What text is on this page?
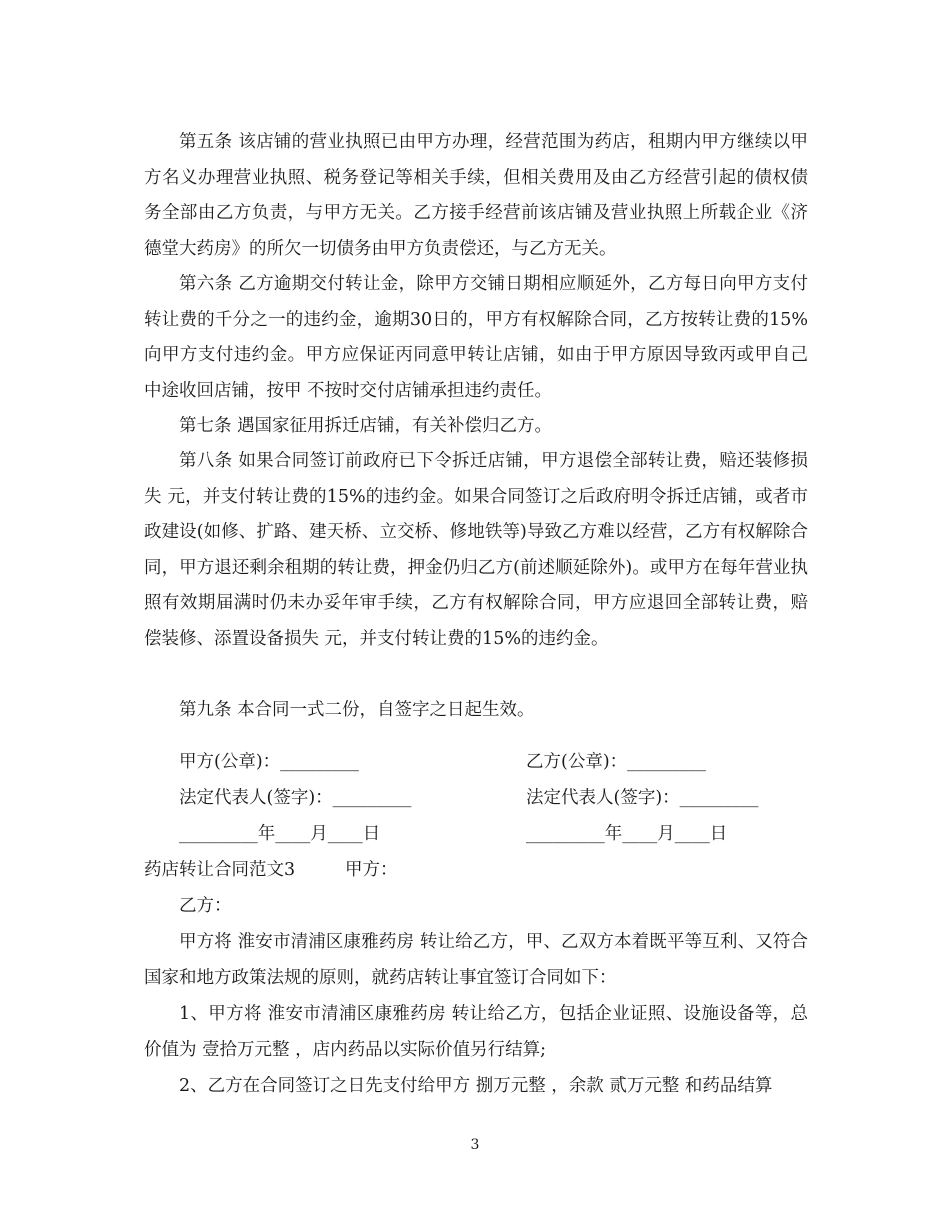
第五条 该店铺的营业执照已由甲方办理，经营范围为药店，租期内甲方继续以甲方名义办理营业执照、税务登记等相关手续，但相关费用及由乙方经营引起的债权债务全部由乙方负责，与甲方无关。乙方接手经营前该店铺及营业执照上所载企业《济德堂大药房》的所欠一切债务由甲方负责偿还，与乙方无关。

第六条 乙方逾期交付转让金，除甲方交铺日期相应顺延外，乙方每日向甲方支付转让费的千分之一的违约金，逾期30日的，甲方有权解除合同，乙方按转让费的15%向甲方支付违约金。甲方应保证丙同意甲转让店铺，如由于甲方原因导致丙或甲自己中途收回店铺，按甲 不按时交付店铺承担违约责任。

第七条 遇国家征用拆迁店铺，有关补偿归乙方。

第八条 如果合同签订前政府已下令拆迁店铺，甲方退偿全部转让费，赔还装修损失 元，并支付转让费的15%的违约金。如果合同签订之后政府明令拆迁店铺，或者市政建设(如修、扩路、建天桥、立交桥、修地铁等)导致乙方难以经营，乙方有权解除合同，甲方退还剩余租期的转让费，押金仍归乙方(前述顺延除外)。或甲方在每年营业执照有效期届满时仍未办妥年审手续，乙方有权解除合同，甲方应退回全部转让费，赔偿装修、添置设备损失 元，并支付转让费的15%的违约金。

第九条 本合同一式二份，自签字之日起生效。

甲方(公章)：_________	乙方(公章)：_________
法定代表人(签字)：_________	法定代表人(签字)：_________
_________年____月____日	_________年____月____日
药店转让合同范文3	甲方：
乙方：

甲方将 淮安市清浦区康雅药房 转让给乙方，甲、乙双方本着既平等互利、又符合国家和地方政策法规的原则，就药店转让事宜签订合同如下：

1、甲方将 淮安市清浦区康雅药房 转让给乙方，包括企业证照、设施设备等，总价值为 壹拾万元整 ，店内药品以实际价值另行结算;

2、乙方在合同签订之日先支付给甲方 捌万元整 ，余款 贰万元整 和药品结算

3
